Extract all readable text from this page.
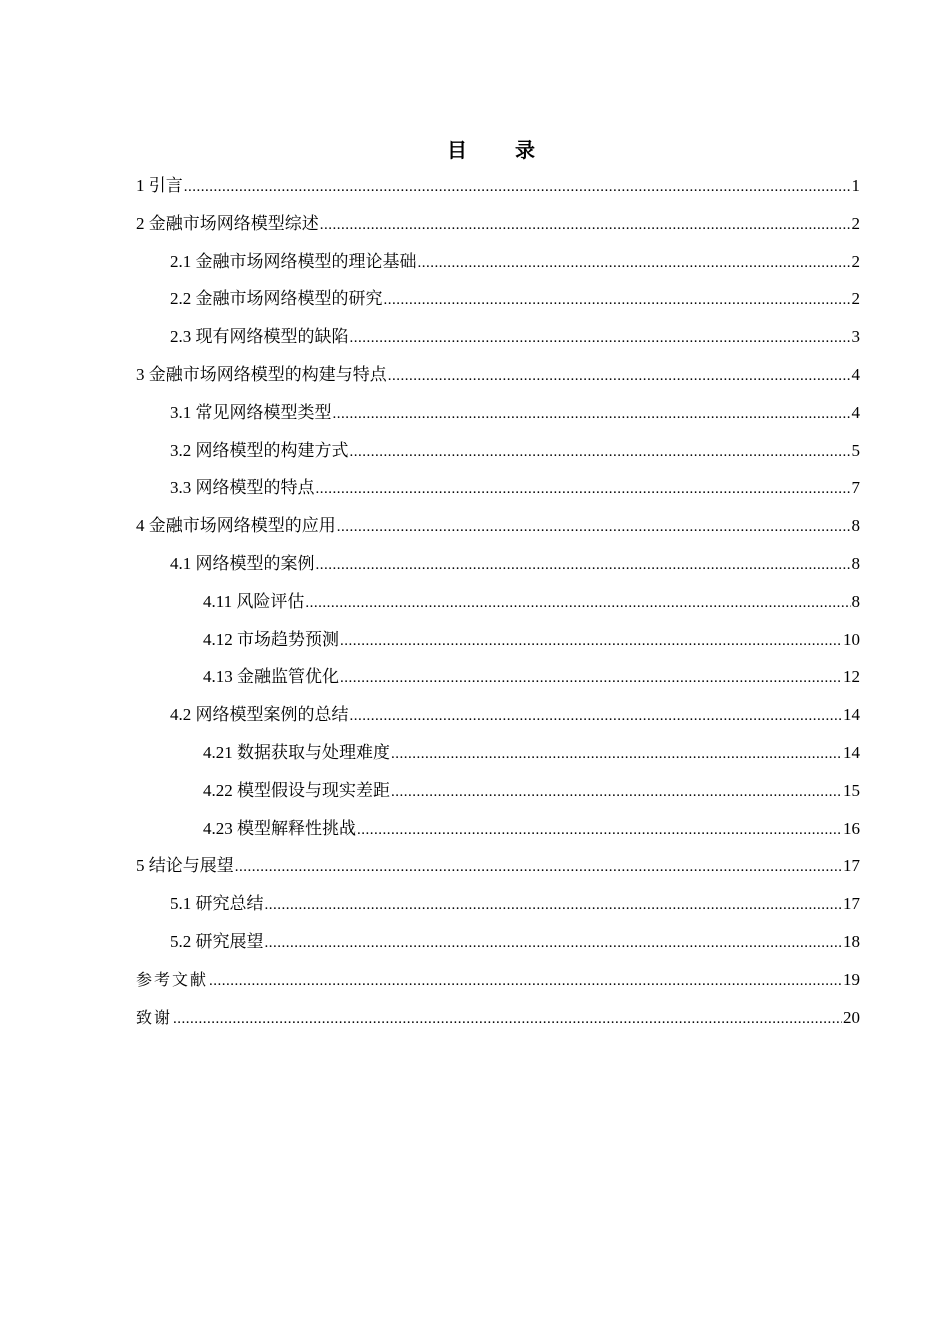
目　录
1 引言 .....	1
2 金融市场网络模型综述 .....	2
2.1 金融市场网络模型的理论基础 .....	2
2.2 金融市场网络模型的研究 .....	2
2.3 现有网络模型的缺陷 .....	3
3 金融市场网络模型的构建与特点 .....	4
3.1 常见网络模型类型 .....	4
3.2 网络模型的构建方式 .....	5
3.3 网络模型的特点 .....	7
4 金融市场网络模型的应用 .....	8
4.1 网络模型的案例 .....	8
4.11 风险评估 .....	8
4.12 市场趋势预测 .....	10
4.13 金融监管优化 .....	12
4.2 网络模型案例的总结 .....	14
4.21 数据获取与处理难度 .....	14
4.22 模型假设与现实差距 .....	15
4.23 模型解释性挑战 .....	16
5 结论与展望 .....	17
5.1 研究总结 .....	17
5.2 研究展望 .....	18
参考文献 .....	19
致谢 .....	20
